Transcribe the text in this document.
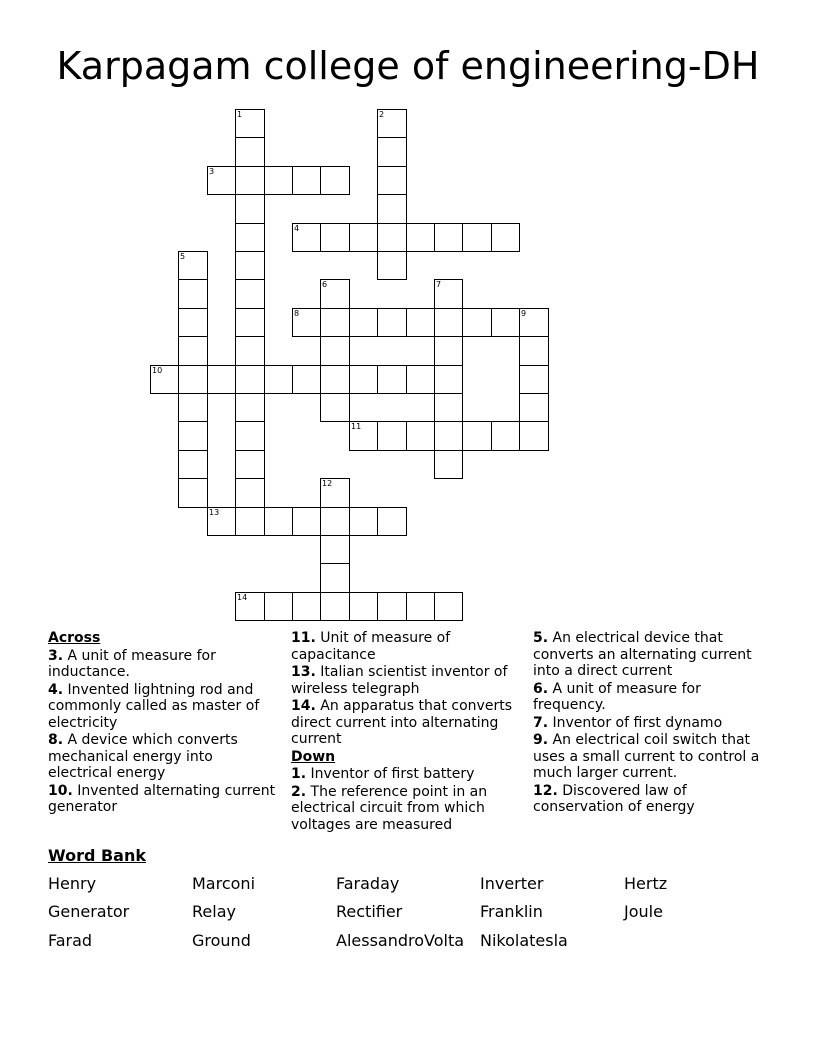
Karpagam college of engineering-DH
1	2
3
4
5
6	7
8	9
10
11
12
13
14
Across
3. A unit of measure for inductance.
4. Invented lightning rod and commonly called as master of electricity
8. A device which converts mechanical energy into electrical energy
10. Invented alternating current generator
11. Unit of measure of capacitance
13. Italian scientist inventor of wireless telegraph
14. An apparatus that converts direct current into alternating current
Down
1. Inventor of first battery
2. The reference point in an electrical circuit from which voltages are measured
5. An electrical device that converts an alternating current into a direct current
6. A unit of measure for frequency.
7. Inventor of first dynamo
9. An electrical coil switch that uses a small current to control a much larger current.
12. Discovered law of conservation of energy
Word Bank
Henry	Marconi	Faraday	Inverter	Hertz
Generator	Relay	Rectifier	Franklin	Joule
Farad	Ground	AlessandroVolta Nikolatesla
